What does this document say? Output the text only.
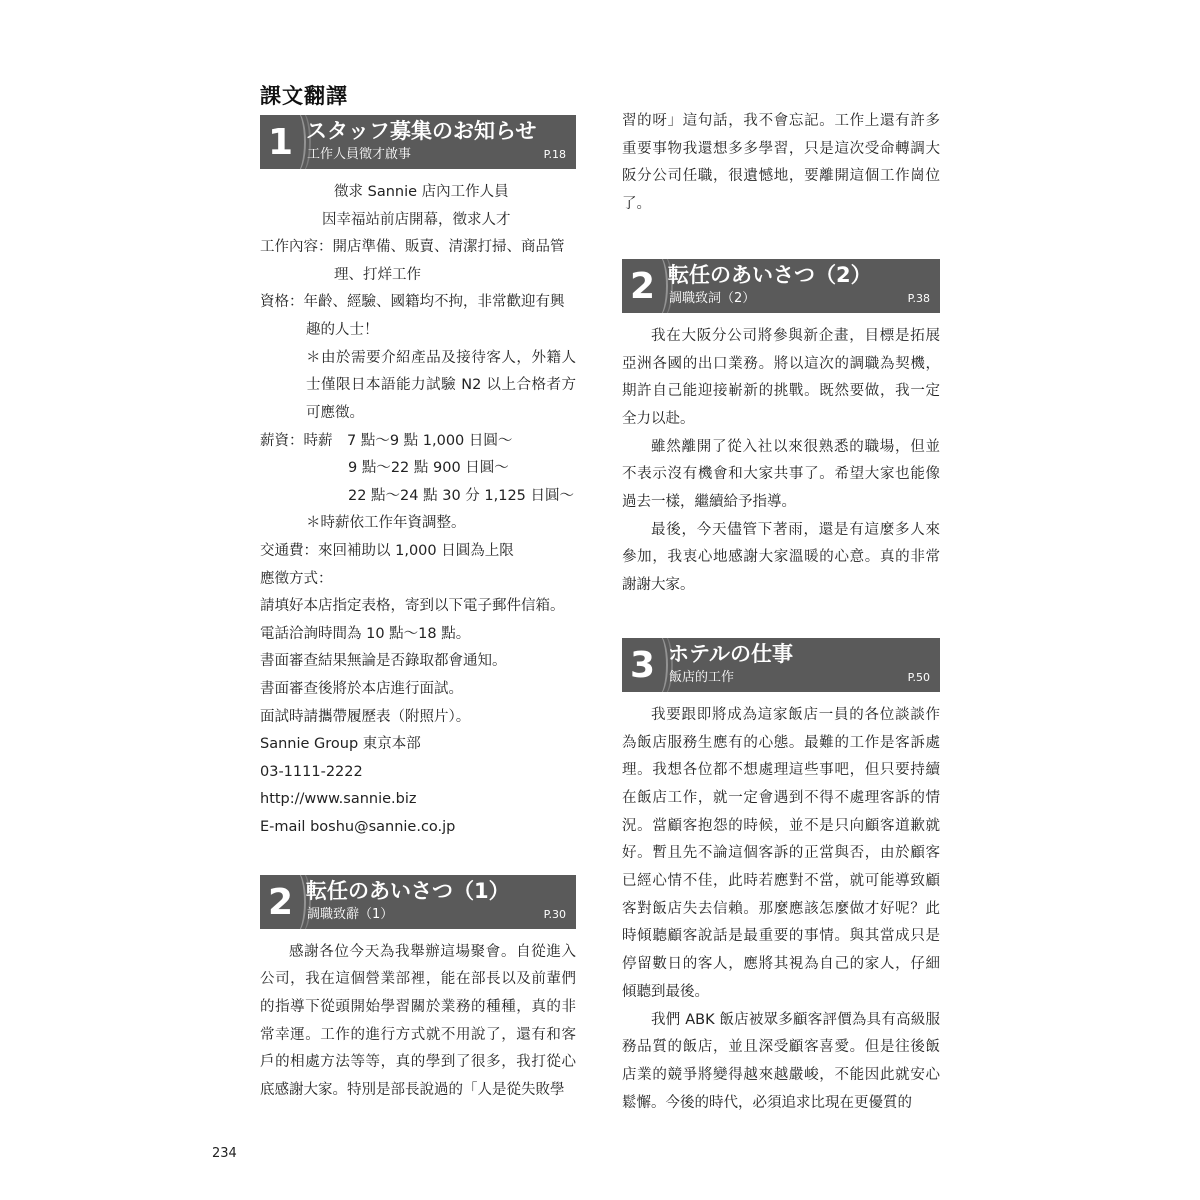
課文翻譯
1 スタッフ募集のお知らせ
工作人員徵才啟事	P.18
徵求 Sannie 店內工作人員
因幸福站前店開幕，徵求人才
工作內容：開店準備、販賣、清潔打掃、商品管
理、打烊工作
資格：年齡、經驗、國籍均不拘，非常歡迎有興
趣的人士！
＊由於需要介紹產品及接待客人，外籍人士僅限日本語能力試驗 N2 以上合格者方可應徵。
薪資：時薪　7 點～9 點 1,000 日圓～
9 點～22 點 900 日圓～
22 點～24 點 30 分 1,125 日圓～
＊時薪依工作年資調整。
交通費：來回補助以 1,000 日圓為上限
應徵方式：
請填好本店指定表格，寄到以下電子郵件信箱。
電話洽詢時間為 10 點～18 點。
書面審查結果無論是否錄取都會通知。
書面審查後將於本店進行面試。
面試時請攜帶履歷表（附照片）。
Sannie Group 東京本部
03-1111-2222
http://www.sannie.biz
E-mail boshu@sannie.co.jp
2 転任のあいさつ（1）
調職致辭（1）	P.30

感謝各位今天為我舉辦這場聚會。自從進入公司，我在這個營業部裡，能在部長以及前輩們的指導下從頭開始學習關於業務的種種，真的非常幸運。工作的進行方式就不用說了，還有和客戶的相處方法等等，真的學到了很多，我打從心底感謝大家。特別是部長說過的「人是從失敗學

習的呀」這句話，我不會忘記。工作上還有許多重要事物我還想多多學習，只是這次受命轉調大阪分公司任職，很遺憾地，要離開這個工作崗位了。

2 転任のあいさつ（2）
調職致詞（2）	P.38

我在大阪分公司將參與新企畫，目標是拓展亞洲各國的出口業務。將以這次的調職為契機，期許自己能迎接嶄新的挑戰。既然要做，我一定全力以赴。

雖然離開了從入社以來很熟悉的職場，但並不表示沒有機會和大家共事了。希望大家也能像過去一樣，繼續給予指導。

最後，今天儘管下著雨，還是有這麼多人來參加，我衷心地感謝大家溫暖的心意。真的非常謝謝大家。

3 ホテルの仕事
飯店的工作	P.50

我要跟即將成為這家飯店一員的各位談談作為飯店服務生應有的心態。最難的工作是客訴處理。我想各位都不想處理這些事吧，但只要持續在飯店工作，就一定會遇到不得不處理客訴的情況。當顧客抱怨的時候，並不是只向顧客道歉就好。暫且先不論這個客訴的正當與否，由於顧客已經心情不佳，此時若應對不當，就可能導致顧客對飯店失去信賴。那麼應該怎麼做才好呢？此時傾聽顧客說話是最重要的事情。與其當成只是停留數日的客人，應將其視為自己的家人，仔細傾聽到最後。

我們 ABK 飯店被眾多顧客評價為具有高級服務品質的飯店，並且深受顧客喜愛。但是往後飯店業的競爭將變得越來越嚴峻，不能因此就安心鬆懈。今後的時代，必須追求比現在更優質的

234
